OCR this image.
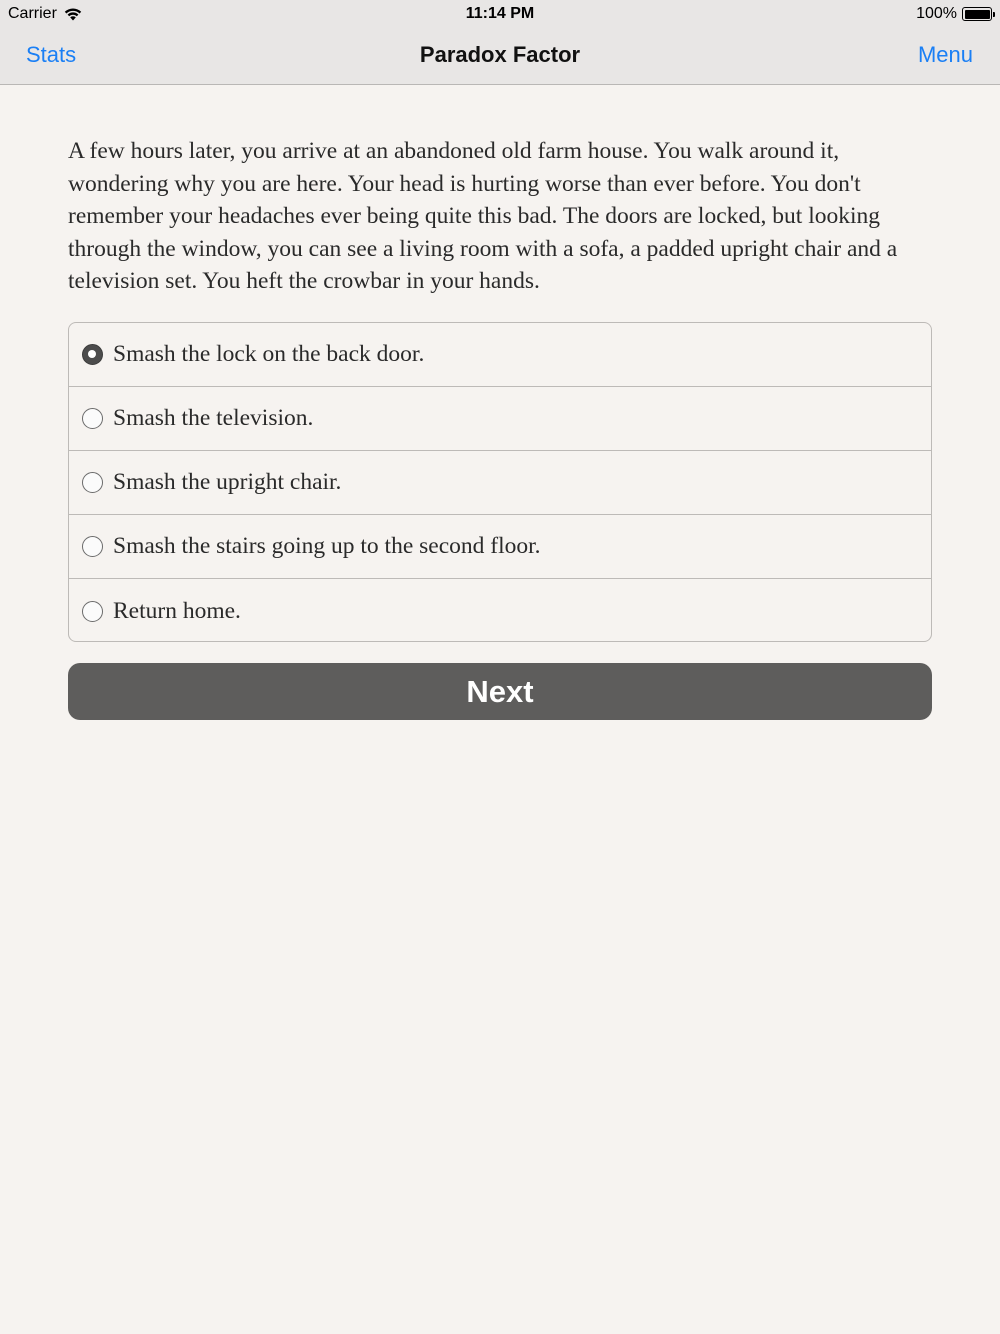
Carrier	11:14 PM	100%
Stats	Paradox Factor	Menu

A few hours later, you arrive at an abandoned old farm house. You walk around it, wondering why you are here. Your head is hurting worse than ever before. You don't remember your headaches ever being quite this bad. The doors are locked, but looking through the window, you can see a living room with a sofa, a padded upright chair and a television set. You heft the crowbar in your hands.

Smash the lock on the back door.
Smash the television.
Smash the upright chair.
Smash the stairs going up to the second floor.
Return home.
Next
